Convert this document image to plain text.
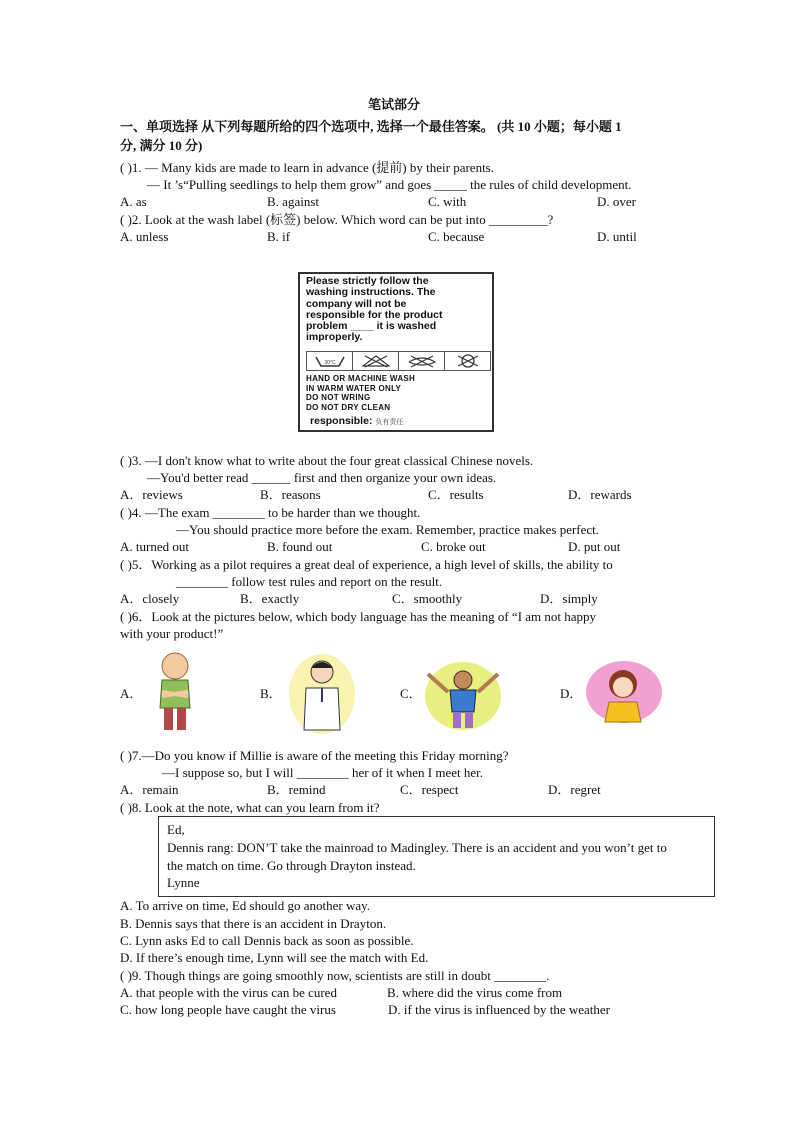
笔试部分
一、单项选择 从下列每题所给的四个选项中, 选择一个最佳答案。 (共 10 小题；每小题 1
分, 满分 10 分)
( )1. — Many kids are made to learn in advance (提前) by their parents.
— It ’s“Pulling seedlings to help them grow” and goes _____ the rules of child development.
A. as	B. against	C. with	D. over
( )2. Look at the wash label (标签) below. Which word can be put into _________?
A. unless	B. if	C. because	D. until
Please strictly follow the
washing instructions. The
company will not be
responsible for the product
problem ____ it is washed
improperly.
30°C
HAND OR MACHINE WASH
IN WARM WATER ONLY
DO NOT WRING
DO NOT DRY CLEAN
responsible: 负有责任
( )3. —I don't know what to write about the four great classical Chinese novels.
—You'd better read ______ first and then organize your own ideas.
A．reviews	B．reasons	C．results	D．rewards
( )4. —The exam ________ to be harder than we thought.
—You should practice more before the exam. Remember, practice makes perfect.
A. turned out	B. found out	C. broke out	D. put out
( )5．Working as a pilot requires a great deal of experience, a high level of skills, the ability to
________ follow test rules and report on the result.
A．closely	B．exactly	C．smoothly	D．simply
( )6．Look at the pictures below, which body language has the meaning of “I am not happy
with your product!”
A．	B．	C．	D．
( )7.—Do you know if Millie is aware of the meeting this Friday morning?
—I suppose so, but I will ________ her of it when I meet her.
A．remain	B．remind	C．respect	D．regret
( )8. Look at the note, what can you learn from it?
Ed,
Dennis rang: DON’T take the mainroad to Madingley. There is an accident and you won’t get to
the match on time. Go through Drayton instead.
Lynne
A. To arrive on time, Ed should go another way.
B. Dennis says that there is an accident in Drayton.
C. Lynn asks Ed to call Dennis back as soon as possible.
D. If there’s enough time, Lynn will see the match with Ed.
( )9. Though things are going smoothly now, scientists are still in doubt ________.
A. that people with the virus can be cured	B. where did the virus come from
C. how long people have caught the virus	D. if the virus is influenced by the weather
